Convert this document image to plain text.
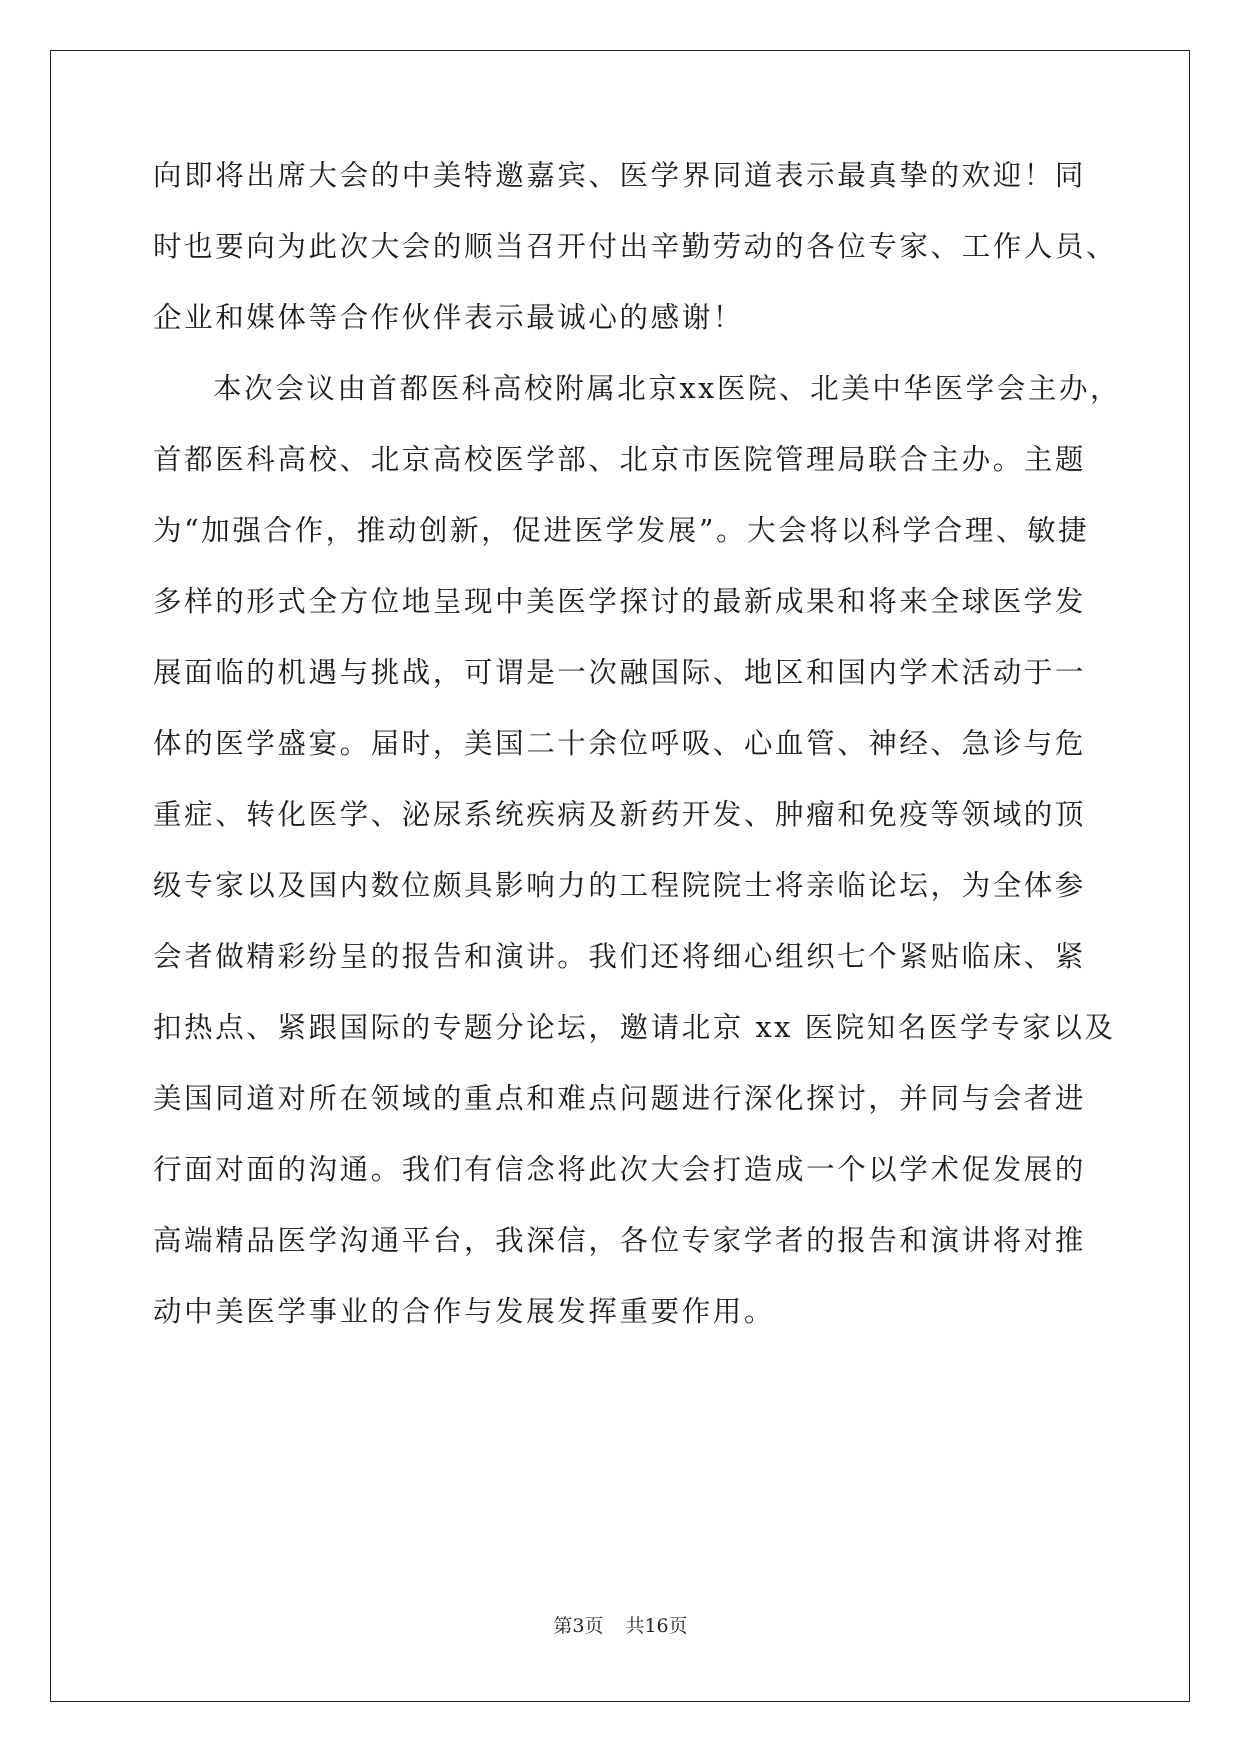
向即将出席大会的中美特邀嘉宾、医学界同道表示最真挚的欢迎！同
时也要向为此次大会的顺当召开付出辛勤劳动的各位专家、工作人员、
企业和媒体等合作伙伴表示最诚心的感谢！
本次会议由首都医科高校附属北京xx医院、北美中华医学会主办，
首都医科高校、北京高校医学部、北京市医院管理局联合主办。主题
为“加强合作，推动创新，促进医学发展”。大会将以科学合理、敏捷
多样的形式全方位地呈现中美医学探讨的最新成果和将来全球医学发
展面临的机遇与挑战，可谓是一次融国际、地区和国内学术活动于一
体的医学盛宴。届时，美国二十余位呼吸、心血管、神经、急诊与危
重症、转化医学、泌尿系统疾病及新药开发、肿瘤和免疫等领域的顶
级专家以及国内数位颇具影响力的工程院院士将亲临论坛，为全体参
会者做精彩纷呈的报告和演讲。我们还将细心组织七个紧贴临床、紧
扣热点、紧跟国际的专题分论坛，邀请北京 xx 医院知名医学专家以及
美国同道对所在领域的重点和难点问题进行深化探讨，并同与会者进
行面对面的沟通。我们有信念将此次大会打造成一个以学术促发展的
高端精品医学沟通平台，我深信，各位专家学者的报告和演讲将对推
动中美医学事业的合作与发展发挥重要作用。
第3页 共16页
